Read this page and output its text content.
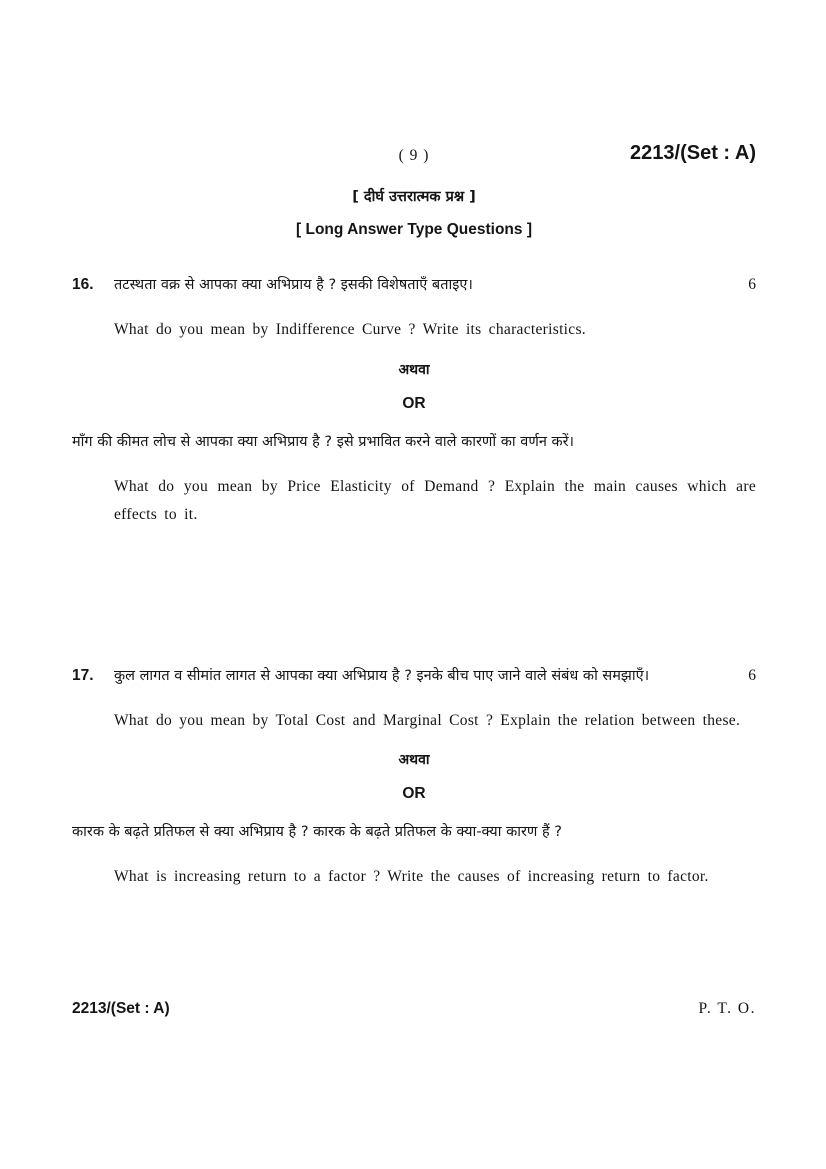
( 9 )	2213/(Set : A)
[ दीर्घ उत्तरात्मक प्रश्न ]
[ Long Answer Type Questions ]
16.	तटस्थता वक्र से आपका क्या अभिप्राय है ? इसकी विशेषताएँ बताइए।	6

What do you mean by Indifference Curve ? Write its characteristics.

अथवा
OR

माँग की कीमत लोच से आपका क्या अभिप्राय है ? इसे प्रभावित करने वाले कारणों का वर्णन करें।

What do you mean by Price Elasticity of Demand ? Explain the main causes which are effects to it.

17.	कुल लागत व सीमांत लागत से आपका क्या अभिप्राय है ? इनके बीच पाए जाने वाले संबंध को समझाएँ।	6

What do you mean by Total Cost and Marginal Cost ? Explain the relation between these.

अथवा
OR

कारक के बढ़ते प्रतिफल से क्या अभिप्राय है ? कारक के बढ़ते प्रतिफल के क्या-क्या कारण हैं ?

What is increasing return to a factor ? Write the causes of increasing return to factor.

2213/(Set : A)	P. T. O.
